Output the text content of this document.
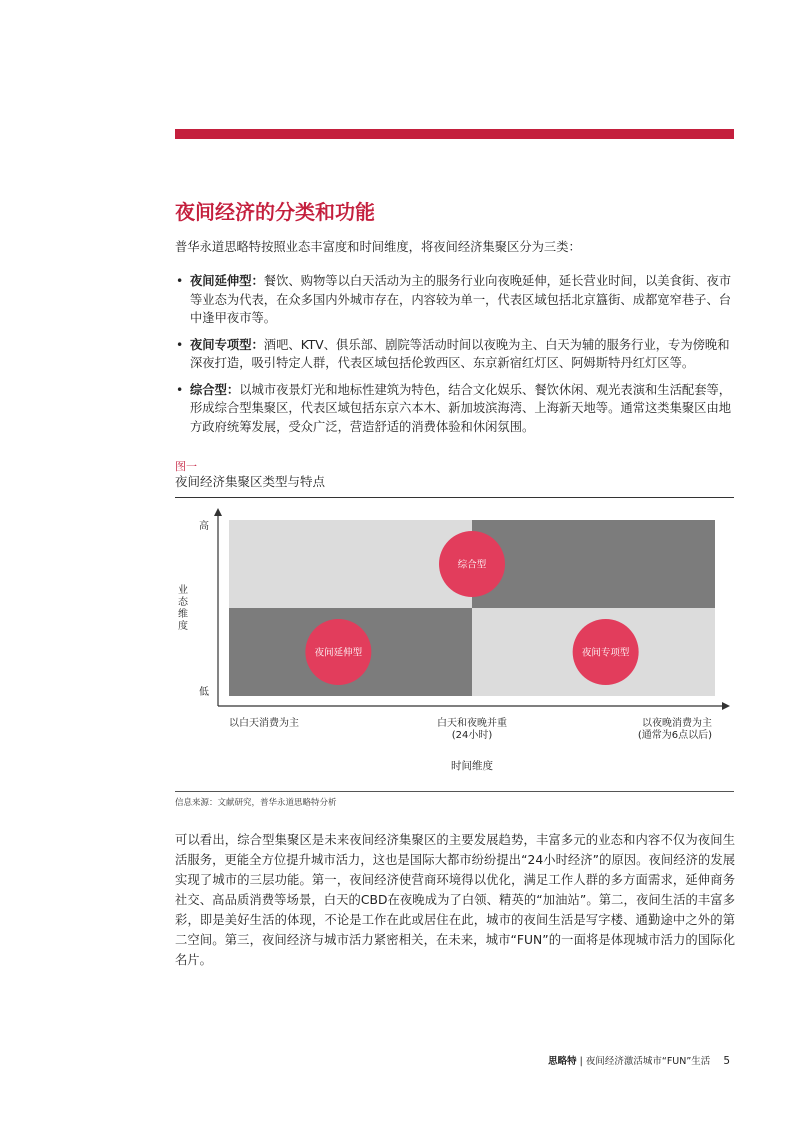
夜间经济的分类和功能
普华永道思略特按照业态丰富度和时间维度，将夜间经济集聚区分为三类：
• 夜间延伸型：餐饮、购物等以白天活动为主的服务行业向夜晚延伸，延长营业时间，以美食街、夜市等业态为代表，在众多国内外城市存在，内容较为单一，代表区域包括北京簋街、成都宽窄巷子、台中逢甲夜市等。
• 夜间专项型：酒吧、KTV、俱乐部、剧院等活动时间以夜晚为主、白天为辅的服务行业，专为傍晚和深夜打造，吸引特定人群，代表区域包括伦敦西区、东京新宿红灯区、阿姆斯特丹红灯区等。
• 综合型：以城市夜景灯光和地标性建筑为特色，结合文化娱乐、餐饮休闲、观光表演和生活配套等，形成综合型集聚区，代表区域包括东京六本木、新加坡滨海湾、上海新天地等。通常这类集聚区由地方政府统筹发展，受众广泛，营造舒适的消费体验和休闲氛围。
图一
夜间经济集聚区类型与特点
高
低
业态维度
以白天消费为主	白天和夜晚并重
(24小时)
以夜晚消费为主
(通常为6点以后)
时间维度
综合型
夜间延伸型	夜间专项型
信息来源：文献研究，普华永道思略特分析

可以看出，综合型集聚区是未来夜间经济集聚区的主要发展趋势，丰富多元的业态和内容不仅为夜间生活服务，更能全方位提升城市活力，这也是国际大都市纷纷提出“24小时经济”的原因。夜间经济的发展实现了城市的三层功能。第一，夜间经济使营商环境得以优化，满足工作人群的多方面需求，延伸商务社交、高品质消费等场景，白天的CBD在夜晚成为了白领、精英的“加油站”。第二，夜间生活的丰富多彩，即是美好生活的体现，不论是工作在此或居住在此，城市的夜间生活是写字楼、通勤途中之外的第二空间。第三，夜间经济与城市活力紧密相关，在未来，城市“FUN”的一面将是体现城市活力的国际化名片。

思略特 | 夜间经济激活城市“FUN”生活 5
